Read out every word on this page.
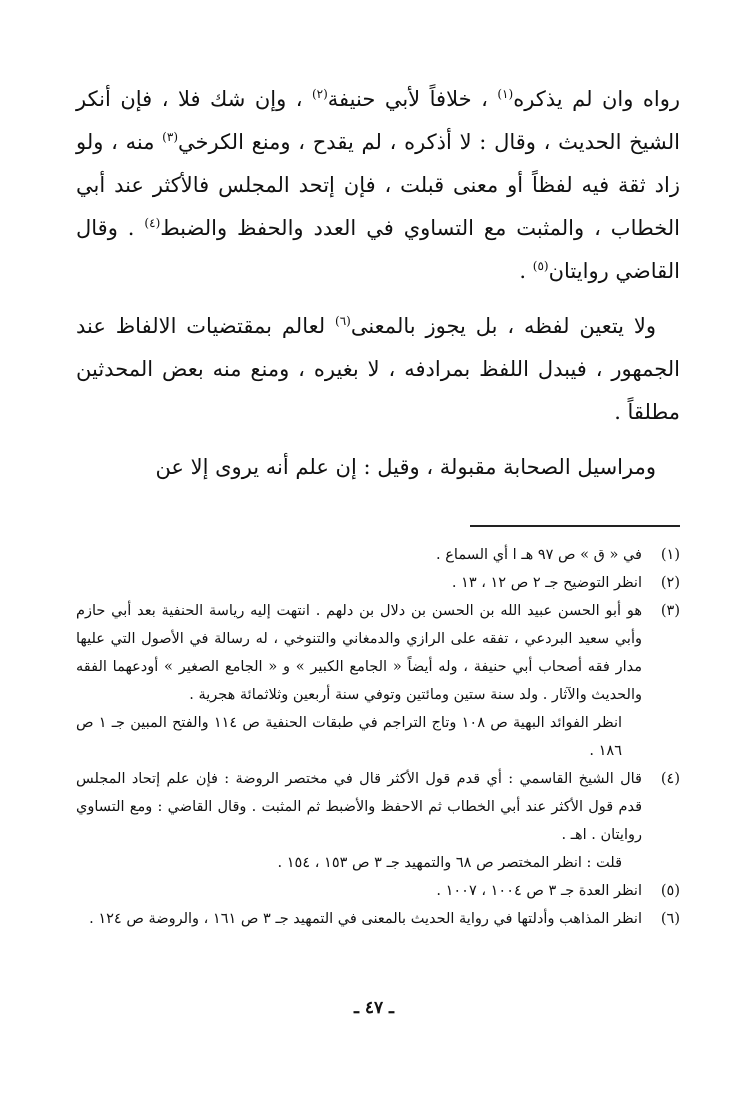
رواه وان لم يذكره$^{(١)}$ ، خلافاً لأبي حنيفة$^{(٢)}$ ، وإن شك فلا ، فإن أنكر الشيخ الحديث ، وقال : لا أذكره ، لم يقدح ، ومنع الكرخي$^{(٣)}$ منه ، ولو زاد ثقة فيه لفظاً أو معنى قبلت ، فإن إتحد المجلس فالأكثر عند أبي الخطاب ، والمثبت مع التساوي في العدد والحفظ والضبط$^{(٤)}$ . وقال القاضي روايتان$^{(٥)}$ .

ولا يتعين لفظه ، بل يجوز بالمعنى$^{(٦)}$ لعالم بمقتضيات الالفاظ عند الجمهور ، فيبدل اللفظ بمرادفه ، لا بغيره ، ومنع منه بعض المحدثين مطلقاً .

ومراسيل الصحابة مقبولة ، وقيل : إن علم أنه يروى إلا عن

(١)

في « ق » ص ٩٧ هـ ا أي السماع .

(٢)

انظر التوضيح جـ ٢ ص ١٢ ، ١٣ .

(٣)

هو أبو الحسن عبيد الله بن الحسن بن دلال بن دلهم . انتهت إليه رياسة الحنفية بعد أبي حازم وأبي سعيد البردعي ، تفقه على الرازي والدمغاني والتنوخي ، له رسالة في الأصول التي عليها مدار فقه أصحاب أبي حنيفة ، وله أيضاً « الجامع الكبير » و « الجامع الصغير » أودعهما الفقه والحديث والآثار . ولد سنة ستين ومائتين وتوفي سنة أربعين وثلاثمائة هجرية .

انظر الفوائد البهية ص ١٠٨ وتاج التراجم في طبقات الحنفية ص ١١٤ والفتح المبين جـ ١ ص ١٨٦ .

(٤)

قال الشيخ القاسمي : أي قدم قول الأكثر قال في مختصر الروضة : فإن علم إتحاد المجلس قدم قول الأكثر عند أبي الخطاب ثم الاحفظ والأضبط ثم المثبت . وقال القاضي : ومع التساوي روايتان . اهـ .

قلت : انظر المختصر ص ٦٨ والتمهيد جـ ٣ ص ١٥٣ ، ١٥٤ .

(٥)

انظر العدة جـ ٣ ص ١٠٠٤ ، ١٠٠٧ .

(٦)

انظر المذاهب وأدلتها في رواية الحديث بالمعنى في التمهيد جـ ٣ ص ١٦١ ، والروضة ص ١٢٤ .

ـ ٤٧ ـ
